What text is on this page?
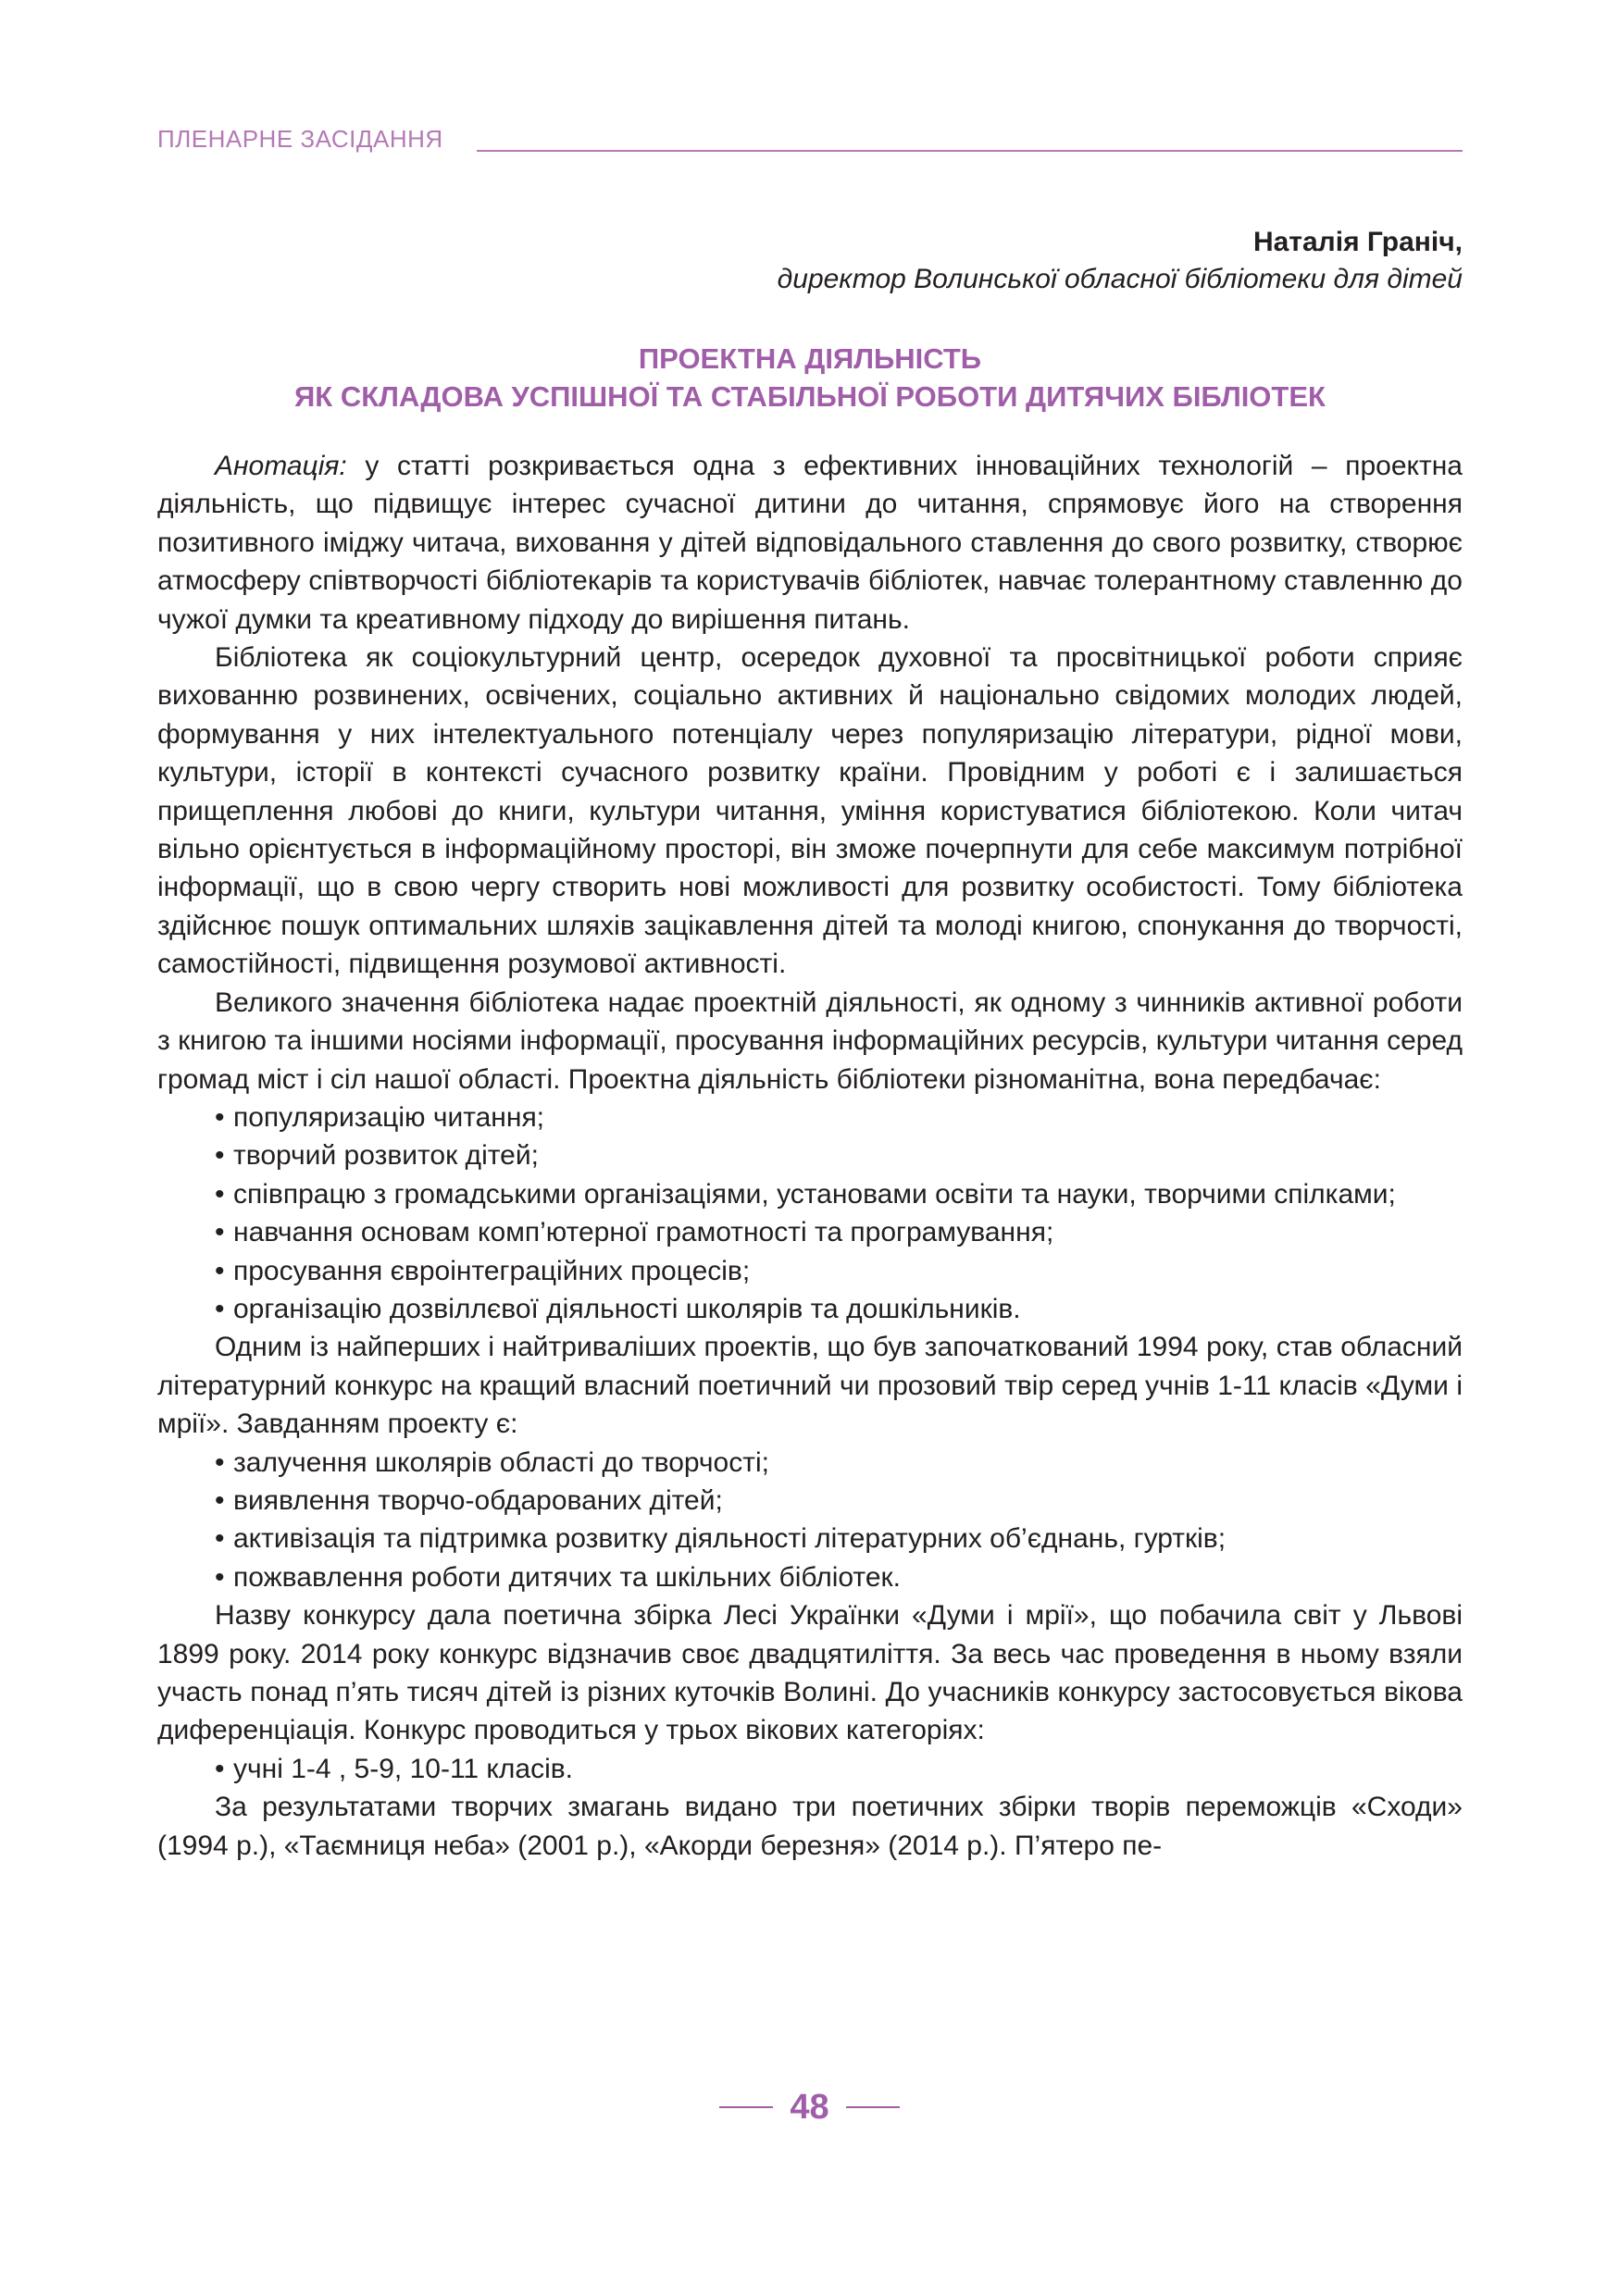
ПЛЕНАРНЕ ЗАСІДАННЯ
Наталія Граніч,
директор Волинської обласної бібліотеки для дітей
ПРОЕКТНА ДІЯЛЬНІСТЬ
ЯК СКЛАДОВА УСПІШНОЇ ТА СТАБІЛЬНОЇ РОБОТИ ДИТЯЧИХ БІБЛІОТЕК

Анотація: у статті розкривається одна з ефективних інноваційних технологій – проектна діяльність, що підвищує інтерес сучасної дитини до читання, спрямовує його на створення позитивного іміджу читача, виховання у дітей відповідального ставлення до свого розвитку, створює атмосферу співтворчості бібліотекарів та користувачів бібліотек, навчає толерантному ставленню до чужої думки та креативному підходу до вирішення питань.

Бібліотека як соціокультурний центр, осередок духовної та просвітницької роботи сприяє вихованню розвинених, освічених, соціально активних й національно свідомих молодих людей, формування у них інтелектуального потенціалу через популяризацію літератури, рідної мови, культури, історії в контексті сучасного розвитку країни. Провідним у роботі є і залишається прищеплення любові до книги, культури читання, уміння користуватися бібліотекою. Коли читач вільно орієнтується в інформаційному просторі, він зможе почерпнути для себе максимум потрібної інформації, що в свою чергу створить нові можливості для розвитку особистості. Тому бібліотека здійснює пошук оптимальних шляхів зацікавлення дітей та молоді книгою, спонукання до творчості, самостійності, підвищення розумової активності.

Великого значення бібліотека надає проектній діяльності, як одному з чинників активної роботи з книгою та іншими носіями інформації, просування інформаційних ресурсів, культури читання серед громад міст і сіл нашої області. Проектна діяльність бібліотеки різноманітна, вона передбачає:

популяризацію читання;
творчий розвиток дітей;
співпрацю з громадськими організаціями, установами освіти та науки, творчими спілками;
навчання основам комп’ютерної грамотності та програмування;
просування євроінтеграційних процесів;
організацію дозвіллєвої діяльності школярів та дошкільників.

Одним із найперших і найтриваліших проектів, що був започаткований 1994 року, став обласний літературний конкурс на кращий власний поетичний чи прозовий твір серед учнів 1-11 класів «Думи і мрії». Завданням проекту є:

залучення школярів області до творчості;
виявлення творчо-обдарованих дітей;
активізація та підтримка розвитку діяльності літературних об’єднань, гуртків;
пожвавлення роботи дитячих та шкільних бібліотек.

Назву конкурсу дала поетична збірка Лесі Українки «Думи і мрії», що побачила світ у Львові 1899 року. 2014 року конкурс відзначив своє двадцятиліття. За весь час проведення в ньому взяли участь понад п’ять тисяч дітей із різних куточків Волині. До учасників конкурсу застосовується вікова диференціація. Конкурс проводиться у трьох вікових категоріях:

учні 1-4 , 5-9, 10-11 класів.

За результатами творчих змагань видано три поетичних збірки творів переможців «Сходи» (1994 р.), «Таємниця неба» (2001 р.), «Акорди березня» (2014 р.). П’ятеро пе-

48
